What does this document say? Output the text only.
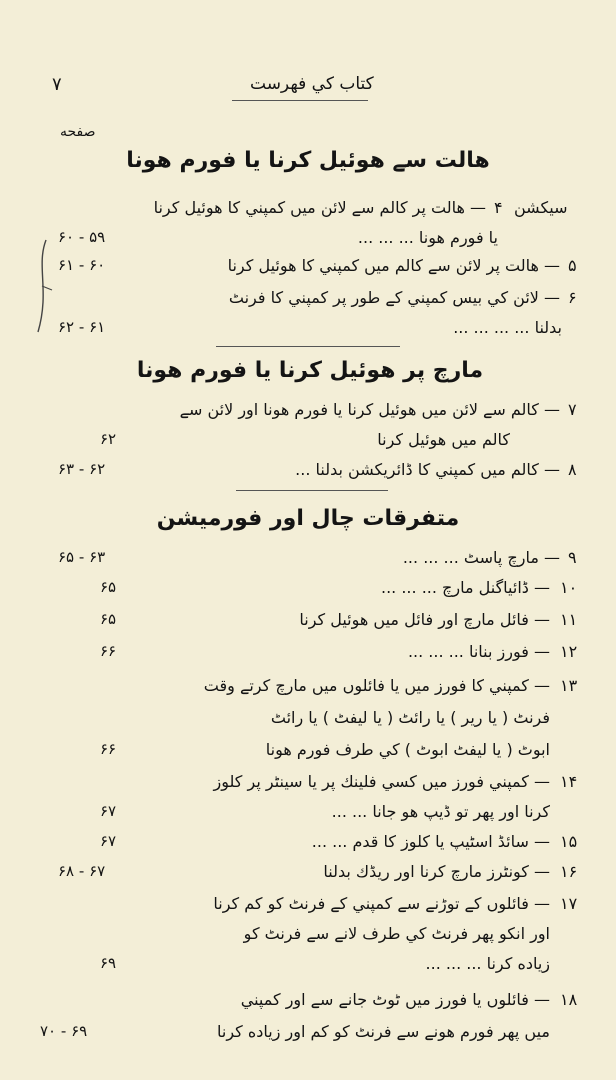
۷	كتاب كي فهرست
صفحه
هالت سے هوئيل كرنا يا فورم هونا
سيكشن
۴
— هالت پر كالم سے لائن ميں كمپني كا هوئيل كرنا
يا فورم هونا ... ... ...
۵۹ - ۶۰
۵
— هالت پر لائن سے كالم ميں كمپني كا هوئيل كرنا
۶۰ - ۶۱
۶
— لائن كي بيس كمپني كے طور پر كمپني كا فرنٹ
بدلنا ... ... ... ...
۶۱ - ۶۲
مارچ پر هوئيل كرنا يا فورم هونا
۷
— كالم سے لائن ميں هوئيل كرنا يا فورم هونا اور لائن سے
كالم ميں هوئيل كرنا
۶۲
۸
— كالم ميں كمپني كا ڈائريكشن بدلنا ...
۶۲ - ۶۳
متفرقات چال اور فورميشن
۹
— مارچ پاسٹ ... ... ...
۶۳ - ۶۵
۱۰
— ڈائياگنل مارچ ... ... ...
۶۵
۱۱
— فائل مارچ اور فائل ميں هوئيل كرنا
۶۵
۱۲
— فورز بنانا ... ... ...
۶۶
۱۳
— كمپني كا فورز ميں يا فائلوں ميں مارچ كرتے وقت
فرنٹ ( يا رير ) يا رائٹ ( يا ليفٹ ) يا رائٹ
ابوٹ ( يا ليفٹ ابوٹ ) كي طرف فورم هونا
۶۶
۱۴
— كمپني فورز ميں كسي فلينك پر يا سينٹر پر كلوز
كرنا اور پهر تو ڈيپ هو جانا ... ...
۶۷
۱۵
— سائڈ اسٹيپ يا كلوز كا قدم ... ...
۶۷
۱۶
— كونٹرز مارچ كرنا اور ريڈك بدلنا
۶۷ - ۶۸
۱۷
— فائلوں كے توڑنے سے كمپني كے فرنٹ كو كم كرنا
اور انكو پهر فرنٹ كي طرف لانے سے فرنٹ كو
زياده كرنا ... ... ...
۶۹
۱۸
— فائلوں يا فورز ميں ٹوٹ جانے سے اور كمپني
ميں پهر فورم هونے سے فرنٹ كو كم اور زياده كرنا
۶۹ - ۷۰
